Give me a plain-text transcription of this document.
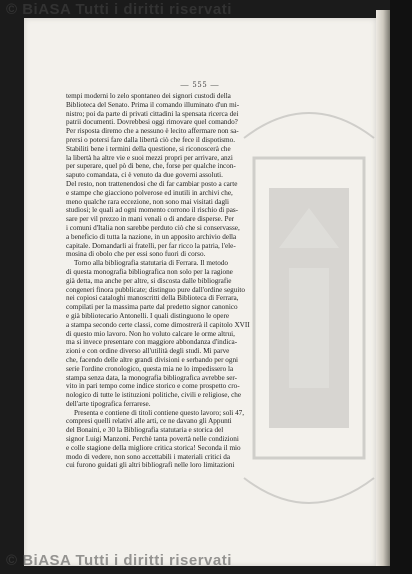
— 555 —
tempi moderni lo zelo spontaneo dei signori custodi della
Biblioteca del Senato. Prima il comando illuminato d'un mi-
nistro; poi da parte di privati cittadini la spensata ricerca dei
patrii documenti. Dovrebbesi oggi rimovare quel comando?
Per risposta diremo che a nessuno è lecito affermare non sa-
prersi o potersi fare dalla libertà ciò che fece il dispotismo.
Stabiliti bene i termini della questione, si riconoscerà che
la libertà ha altre vie e suoi mezzi propri per arrivare, anzi
per superare, quel pò di bene, che, forse per qualche incon-
saputo comandata, ci è venuto da due governi assoluti.
Del resto, non trattenendosi che di far cambiar posto a carte
e stampe che giacciono polverose ed inutili in archivi che,
meno qualche rara eccezione, non sono mai visitati dagli
studiosi; le quali ad ogni momento corrono il rischio di pas-
sare per vil prezzo in mani venali o di andare disperse. Per
i comuni d'Italia non sarebbe perduto ciò che si conservasse,
a beneficio di tutta la nazione, in un apposito archivio della
capitale. Domandarli ai fratelli, per far ricco la patria, l'ele-
mosina di obolo che per essi sono fuori di corso.
Torno alla bibliografia statutaria di Ferrara. Il metodo
di questa monografia bibliografica non solo per la ragione
già detta, ma anche per altre, si discosta dalle bibliografie
congeneri finora pubblicate; distinguo pure dall'ordine seguito
nei copiosi cataloghi manoscritti della Biblioteca di Ferrara,
compilati per la massima parte dal predetto signor canonico
e già bibliotecario Antonelli. I quali distinguono le opere
a stampa secondo certe classi, come dimostrerà il capitolo XVII
di questo mio lavoro. Non ho voluto calcare le orme altrui,
ma si invece presentare con maggiore abbondanza d'indica-
zioni e con ordine diverso all'utilità degli studi. Mi parve
che, facendo delle altre grandi divisioni e serbando per ogni
serie l'ordine cronologico, questa mia ne lo impedissero la
stampa senza data, la monografia bibliografica avrebbe ser-
vito in pari tempo come indice storico e come prospetto cro-
nologico di tutte le istituzioni politiche, civili e religiose, che
dell'arte tipografica ferrarese.
Presenta e contiene di titoli contiene questo lavoro; soli 47,
compresi quelli relativi alle arti, ce ne davano gli Appunti
del Bonaini, e 30 la Bibliografia statutaria e storica del
signor Luigi Manzoni. Perchè tanta povertà nelle condizioni
e colle stagione della migliore critica storica! Seconda il mio
modo di vedere, non sono accettabili i materiali critici da
cui furono guidati gli altri bibliografi nelle loro limitazioni
© BiASA Tutti i diritti riservati
© BiASA Tutti i diritti riservati
